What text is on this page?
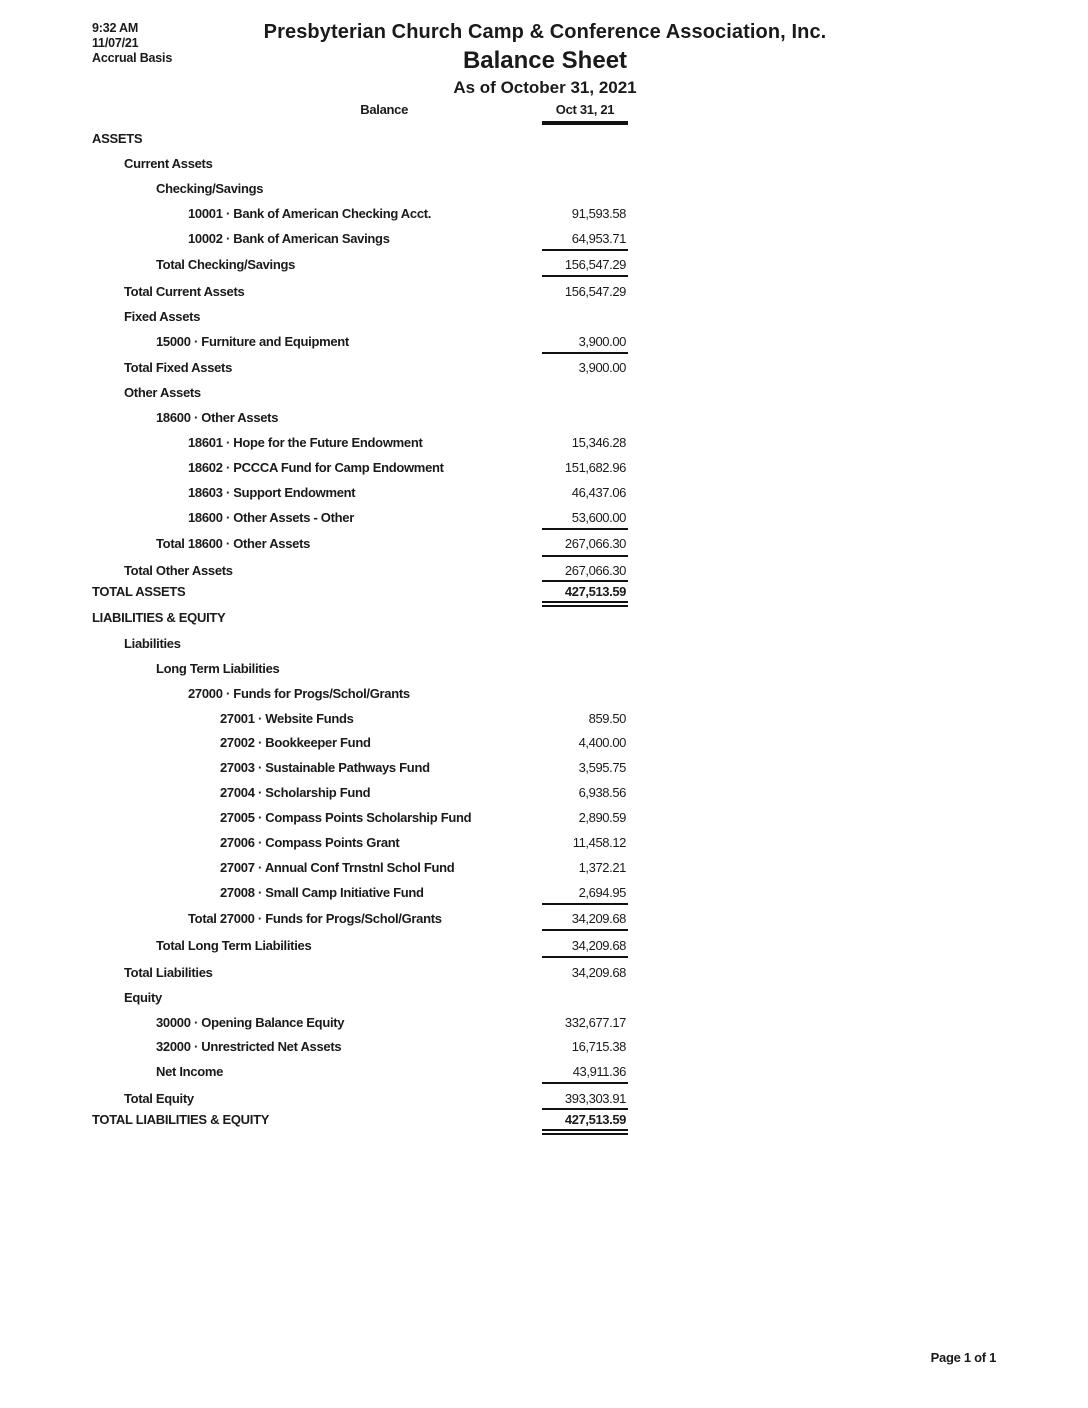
9:32 AM
11/07/21
Accrual Basis
Presbyterian Church Camp & Conference Association, Inc.
Balance Sheet
As of October 31, 2021
Balance	Oct 31, 21
ASSETS
Current Assets
Checking/Savings
10001 · Bank of American Checking Acct.	91,593.58
10002 · Bank of American Savings	64,953.71
Total Checking/Savings	156,547.29
Total Current Assets	156,547.29
Fixed Assets
15000 · Furniture and Equipment	3,900.00
Total Fixed Assets	3,900.00
Other Assets
18600 · Other Assets
18601 · Hope for the Future Endowment	15,346.28
18602 · PCCCA Fund for Camp Endowment	151,682.96
18603 · Support Endowment	46,437.06
18600 · Other Assets - Other	53,600.00
Total 18600 · Other Assets	267,066.30
Total Other Assets	267,066.30
TOTAL ASSETS	427,513.59
LIABILITIES & EQUITY
Liabilities
Long Term Liabilities
27000 · Funds for Progs/Schol/Grants
27001 · Website Funds	859.50
27002 · Bookkeeper Fund	4,400.00
27003 · Sustainable Pathways Fund	3,595.75
27004 · Scholarship Fund	6,938.56
27005 · Compass Points Scholarship Fund	2,890.59
27006 · Compass Points Grant	11,458.12
27007 · Annual Conf Trnstnl Schol Fund	1,372.21
27008 · Small Camp Initiative Fund	2,694.95
Total 27000 · Funds for Progs/Schol/Grants	34,209.68
Total Long Term Liabilities	34,209.68
Total Liabilities	34,209.68
Equity
30000 · Opening Balance Equity	332,677.17
32000 · Unrestricted Net Assets	16,715.38
Net Income	43,911.36
Total Equity	393,303.91
TOTAL LIABILITIES & EQUITY	427,513.59
Page 1 of 1
